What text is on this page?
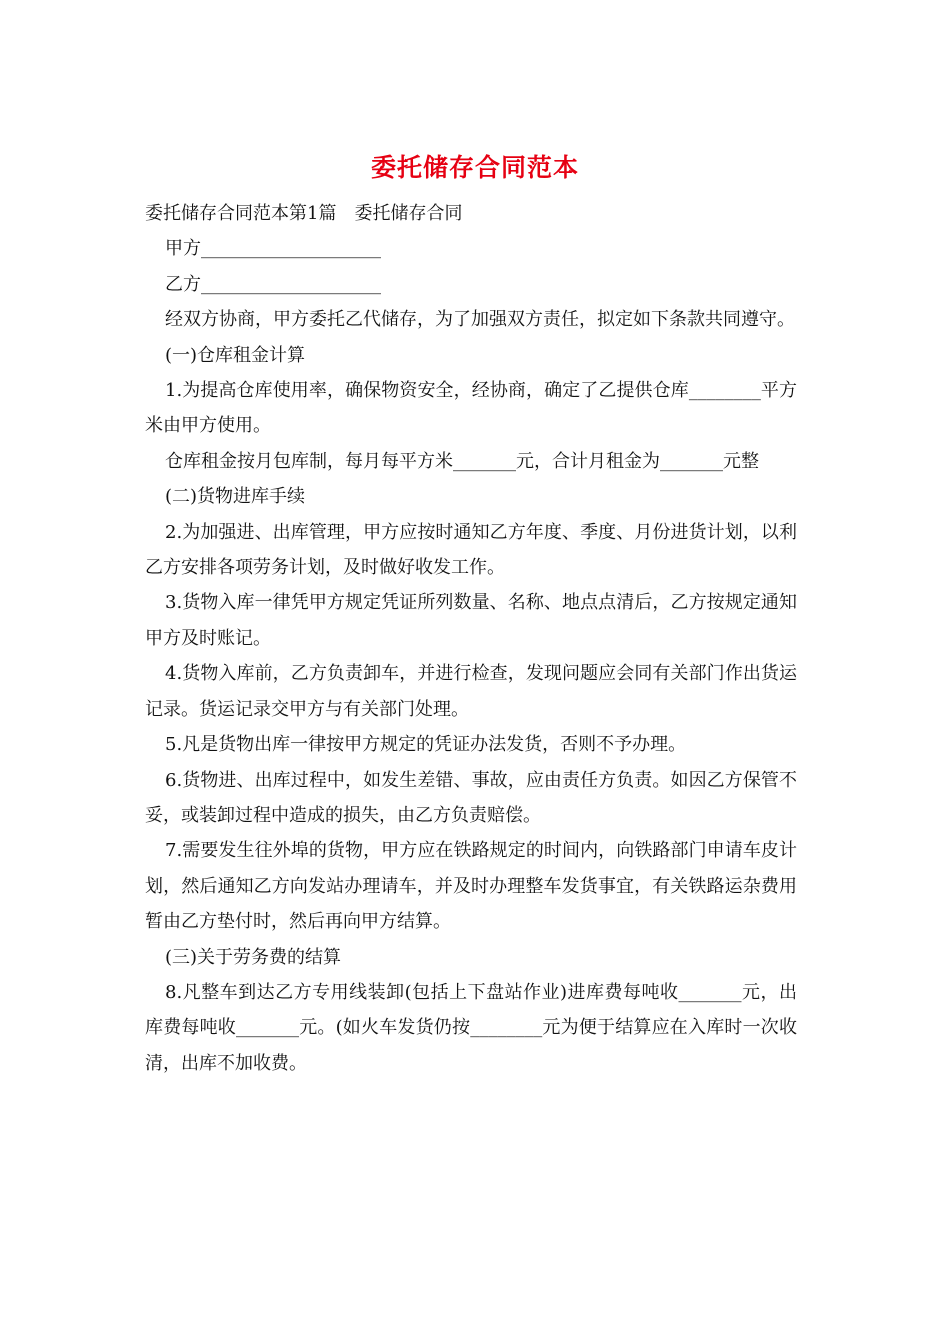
委托储存合同范本

委托储存合同范本第1篇　委托储存合同

甲方____________________

乙方____________________

经双方协商，甲方委托乙代储存，为了加强双方责任，拟定如下条款共同遵守。

(一)仓库租金计算

1.为提高仓库使用率，确保物资安全，经协商，确定了乙提供仓库________平方米由甲方使用。

仓库租金按月包库制，每月每平方米_______元，合计月租金为_______元整

(二)货物进库手续

2.为加强进、出库管理，甲方应按时通知乙方年度、季度、月份进货计划，以利乙方安排各项劳务计划，及时做好收发工作。

3.货物入库一律凭甲方规定凭证所列数量、名称、地点点清后，乙方按规定通知甲方及时账记。

4.货物入库前，乙方负责卸车，并进行检查，发现问题应会同有关部门作出货运记录。货运记录交甲方与有关部门处理。

5.凡是货物出库一律按甲方规定的凭证办法发货，否则不予办理。

6.货物进、出库过程中，如发生差错、事故，应由责任方负责。如因乙方保管不妥，或装卸过程中造成的损失，由乙方负责赔偿。

7.需要发生往外埠的货物，甲方应在铁路规定的时间内，向铁路部门申请车皮计划，然后通知乙方向发站办理请车，并及时办理整车发货事宜，有关铁路运杂费用暂由乙方垫付时，然后再向甲方结算。

(三)关于劳务费的结算

8.凡整车到达乙方专用线装卸(包括上下盘站作业)进库费每吨收_______元，出库费每吨收_______元。(如火车发货仍按________元为便于结算应在入库时一次收清，出库不加收费。
